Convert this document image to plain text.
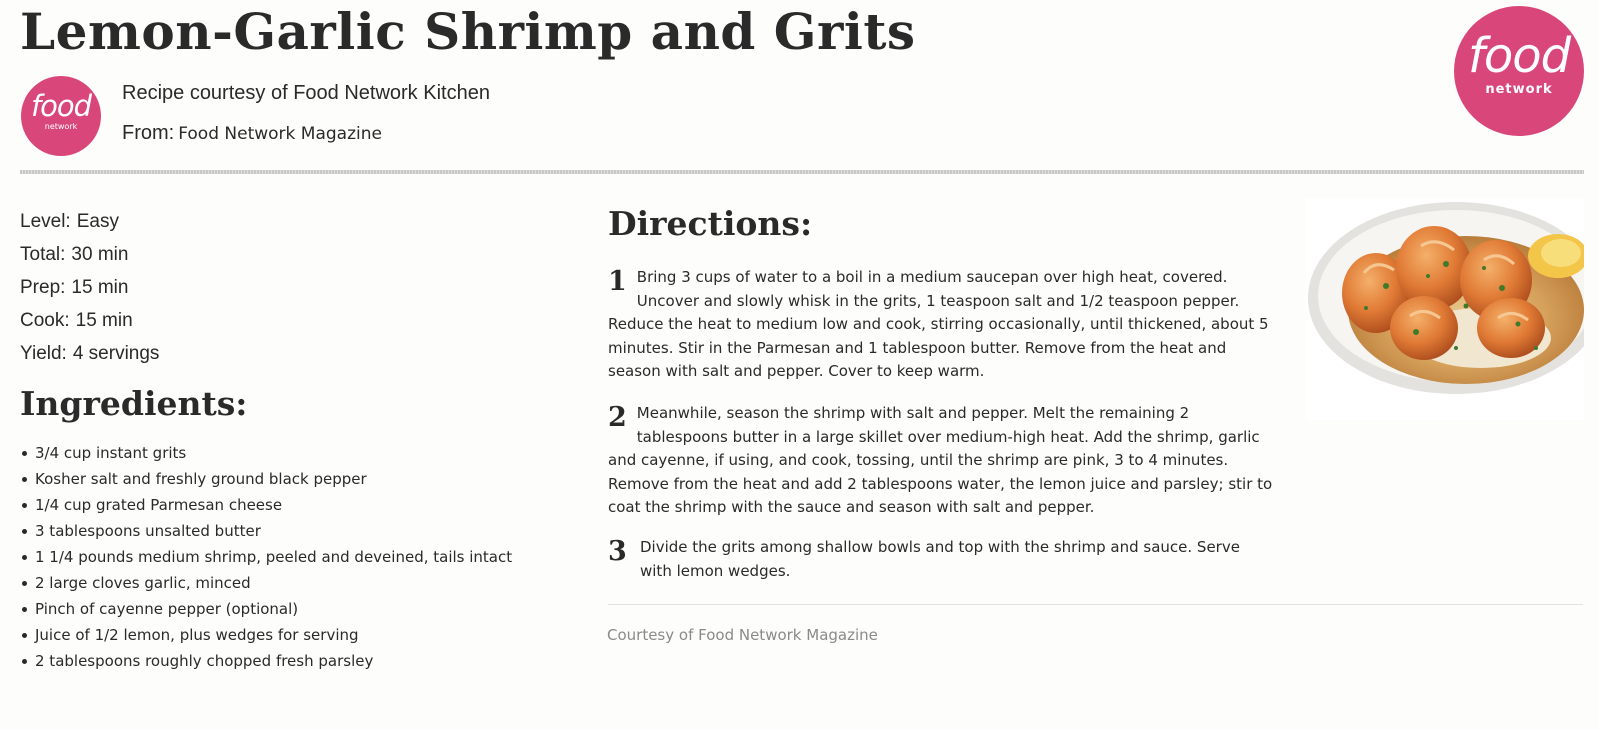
Lemon-Garlic Shrimp and Grits
food
network
food
network
Recipe courtesy of Food Network Kitchen
From: Food Network Magazine
Level: Easy
Total: 30 min
Prep: 15 min
Cook: 15 min
Yield: 4 servings
Ingredients:
3/4 cup instant grits
Kosher salt and freshly ground black pepper
1/4 cup grated Parmesan cheese
3 tablespoons unsalted butter
1 1/4 pounds medium shrimp, peeled and deveined, tails intact
2 large cloves garlic, minced
Pinch of cayenne pepper (optional)
Juice of 1/2 lemon, plus wedges for serving
2 tablespoons roughly chopped fresh parsley
Directions:
1 Bring 3 cups of water to a boil in a medium saucepan over high heat, covered. Uncover and slowly whisk in the grits, 1 teaspoon salt and 1/2 teaspoon pepper. Reduce the heat to medium low and cook, stirring occasionally, until thickened, about 5 minutes. Stir in the Parmesan and 1 tablespoon butter. Remove from the heat and season with salt and pepper. Cover to keep warm.
2 Meanwhile, season the shrimp with salt and pepper. Melt the remaining 2 tablespoons butter in a large skillet over medium-high heat. Add the shrimp, garlic and cayenne, if using, and cook, tossing, until the shrimp are pink, 3 to 4 minutes. Remove from the heat and add 2 tablespoons water, the lemon juice and parsley; stir to coat the shrimp with the sauce and season with salt and pepper.
3 Divide the grits among shallow bowls and top with the shrimp and sauce. Serve with lemon wedges.
Courtesy of Food Network Magazine
